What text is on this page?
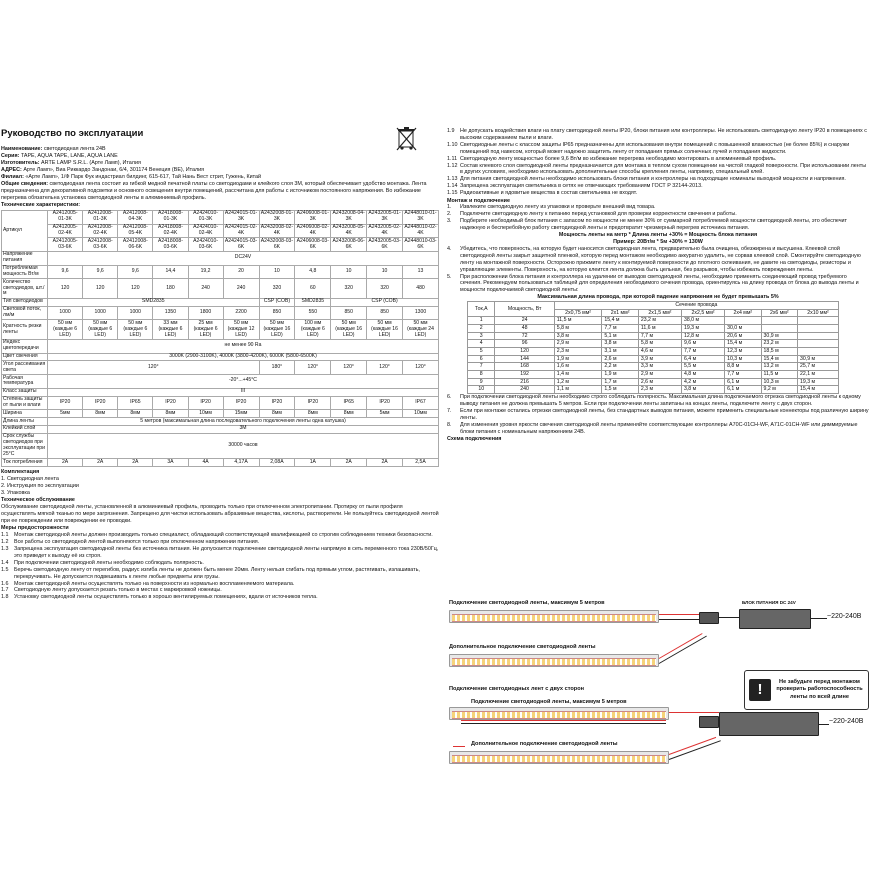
Руководство по эксплуатации
Наименование: светодиодная лента 24В
Серия: TAPE, AQUA TAPE, LANE, AQUA LANE
Изготовитель: ARTE LAMP S.R.L. (Арте Ламп), Италия
АДРЕС: Арте Ламп», Виа Риккардо Зандонаи, 6/4, 301174 Венеция (BE), Италия
Филиал: «Арте Ламп», 1/Ф Парк Фук индастриал билдинг, 615-617, Тай Нань Вест стрит, Гужень, Китай
Общие сведения: светодиодная лента состоит из гибкой медной печатной платы со светодиодами и клейкого слоя 3M, который обеспечивает удобство монтажа. Лента предназначена для декоративной подсветки и основного освещения внутри помещений, рассчитана для работы с источником постоянного напряжения. Во избежание перегрева обязательна установка светодиодной ленты в алюминиевый профиль.
Технические характеристики:
Артикул	A2412005-01-3K	A2412008-01-3K	A2412008-04-3K	A2418008-01-3K	A2424010-01-3K	A2424015-01-3K	A2432008-01-3K	A2406008-01-3K	A2432008-04-3K	A2432005-01-3K	A2448010-01-3K
	A2412005-02-4K	A2412008-02-4K	A2412008-05-4K	A2418008-02-4K	A2424010-02-4K	A2424015-02-4K	A2432008-02-4K	A2406008-02-4K	A2432008-05-4K	A2432005-02-4K	A2448010-02-4K
	A2412005-03-6K	A2412008-03-6K	A2412008-06-6K	A2418008-03-6K	A2424010-03-6K	A2424015-03-6K	A2432008-03-6K	A2406008-03-6K	A2432008-06-6K	A2432005-03-6K	A2448010-03-6K
Напряжение питания	DC24V										
Потребляемая мощность Вт/м	9,6	9,6	9,6	14,4	19,2	20	10	4,8	10	10	13
Количество светодиодов, шт./м	120	120	120	180	240	240	320	60	320	320	480
Тип светодиодов	SMD2835						CSP (COB)	SMD2835	CSP (COB)		
Световой поток, лм/м	1000	1000	1000	1350	1800	2200	850	550	850	850	1300
Кратность резки ленты	50 мм (каждые 6 LED)	50 мм (каждые 6 LED)	50 мм (каждые 6 LED)	33 мм (каждые 6 LED)	25 мм (каждые 6 LED)	50 мм (каждые 12 LED)	50 мм (каждые 16 LED)	100 мм (каждые 6 LED)	50 мм (каждые 16 LED)	50 мм (каждые 16 LED)	50 мм (каждые 24 LED)
Индекс цветопередачи	не менее 90 Ra										
Цвет свечения	3000K (2900-3100K), 4000K (3800-4200K), 6000K (5800-6500K)										
Угол рассеивания света	120°						180°	120°	120°	120°	120°
Рабочая температура	-20°...+45°C										
Класс защиты	III										
Степень защиты от пыли и влаги	IP20	IP20	IP65	IP20	IP20	IP20	IP20	IP20	IP65	IP20	IP67
Ширина	5мм	8мм	8мм	8мм	10мм	15мм	8мм	8мм	8мм	5мм	10мм
Длина ленты	5 метров (максимальная длина последовательного подключения ленты одна катушка)										
Клейкий слой	3М										
Срок службы светодиодов при эксплуатации при 25°С	30000 часов										
Ток потребления	2А	2А	2А	3А	4А	4,17А	2,08А	1А	2А	2А	2,5А
Комплектация
1. Светодиодная лента
2. Инструкция по эксплуатации
3. Упаковка
Техническое обслуживание
Обслуживание светодиодной ленты, установленной в алюминиевый профиль, проводить только при отключенном электропитании. Протирку от пыли профиля осуществлять мягкой тканью по мере загрязнения. Запрещено для чистки использовать абразивные вещества, кислоты, растворители. Не пользуйтесь светодиодной лентой при ее повреждении или повреждении ее проводки.
Меры предосторожности
1.1	Монтаж светодиодной ленты должен производить только специалист, обладающий соответствующей квалификацией со строгим соблюдением техники безопасности.
1.2	Все работы со светодиодной лентой выполняются только при отключенном напряжении питания.
1.3	Запрещена эксплуатация светодиодной ленты без источника питания. Не допускается подключение светодиодной ленты напрямую в сеть переменного тока 230В/50Гц, это приведет к выходу её из строя.
1.4	При подключении светодиодной ленты необходимо соблюдать полярность.
1.5	Беречь светодиодную ленту от перегибов, радиус изгиба ленты не должен быть менее 20мм. Ленту нельзя сгибать под прямым углом, растягивать, излашивать, перекручивать. Не допускается подвешивать к ленте любые предметы или грузы.
1.6	Монтаж светодиодной ленты осуществлять только на поверхности из нормально воспламеняемого материала.
1.7	Светодиодную ленту допускается резать только в местах с маркировкой ножницы.
1.8	Установку светодиодной ленты осуществлять только в хорошо вентилируемых помещениях, вдали от источников тепла.
1.9	Не допускать воздействия влаги на плату светодиодной ленты IP20, блоки питания или контроллеры. Не использовать светодиодную ленту IP20 в помещениях с высоким содержанием пыли и влаги.
1.10 Светодиодные ленты с классом защиты IP65 предназначены для использования внутри помещений с повышенной влажностью (не более 85%) и снаружи помещений под навесом, который может надежно защитить ленту от попадания прямых солнечных лучей и попадания жидкости.
1.11 Светодиодную ленту мощностью более 9,6 Вт/м во избежание перегрева необходимо монтировать в алюминиевый профиль.
1.12 Состав клеевого слоя светодиодной ленты предназначается для монтажа в теплом сухом помещении на чистой гладкой поверхности. При использовании ленты в других условиях, необходимо использовать дополнительные способы крепления ленты, например, специальный клей.
1.13 Для питания светодиодной ленты необходимо использовать блоки питания и контроллеры на подходящие номиналы выходной мощности и напряжения.
1.14 Запрещена эксплуатация светильника в сетях не отвечающих требованиям ГОСТ Р 32144-2013.
1.15 Радиоактивные и ядовитые вещества в состав светильника не входят.
Монтаж и подключение
1.	Извлеките светодиодную ленту из упаковки и проверьте внешний вид товара.
2.	Подключите светодиодную ленту к питанию перед установкой для проверки корректности свечения и работы.
3.	Подберите необходимый блок питания с запасом по мощности не менее 30% от суммарной потребляемой мощности светодиодной ленты, это обеспечит надежную и бесперебойную работу светодиодной ленты и предотвратит чрезмерный перегрев источника питания.
Мощность ленты на метр * Длина ленты +30% = Мощность блока питания
Пример: 20Вт/м * 5м +30% = 130W
4.	Убедитесь, что поверхность, на которую будет наносится светодиодная лента, предварительно была очищена, обезжирена и высушена. Клеевой слой светодиодной ленты закрыт защитной пленкой, которую перед монтажом необходимо аккуратно удалить, не сорвав клеевой слой. Смонтируйте светодиодную ленту на монтажной поверхности. Осторожно прижмите ленту к монтируемой поверхности до плотного склеивания, не давите на светодиоды, резисторы и управляющие элементы. Поверхность, на которую клеится лента должна быть цельная, без разрывов, чтобы избежать повреждения ленты.
5.	При расположении блока питания и контроллера на удалении от выводов светодиодной ленты, необходимо применять соединяющий провод требуемого сечения. Рекомендуем пользоваться таблицей для определения необходимого сечения провода, ориентируясь на длину провода от блока до вывода ленты и мощности подключаемой светодиодной ленты:
Максимальная длина провода, при которой падение напряжения не будет превышать 5%
Ток,А	Мощность, Вт	Сечение провода						
		2х0,75 мм²	2х1 мм²	2х1,5 мм²	2х2,5 мм²	2х4 мм²	2х6 мм²	2х10 мм²
1	24	11,5 м	15,4 м	23,2 м	38,0 м			
2	48	5,8 м	7,7 м	11,6 м	19,3 м	30,0 м		
3	72	3,8 м	5,1 м	7,7 м	12,8 м	20,6 м	30,9 м	
4	96	2,9 м	3,8 м	5,8 м	9,6 м	15,4 м	23,2 м	
5	120	2,3 м	3,1 м	4,6 м	7,7 м	12,3 м	18,5 м	
6	144	1,9 м	2,6 м	3,9 м	6,4 м	10,3 м	15,4 м	30,9 м
7	168	1,6 м	2,2 м	3,3 м	5,5 м	8,8 м	13,2 м	25,7 м
8	192	1,4 м	1,9 м	2,9 м	4,8 м	7,7 м	11,5 м	22,1 м
9	216	1,2 м	1,7 м	2,6 м	4,2 м	6,1 м	10,3 м	19,3 м
10	240	1,1 м	1,5 м	2,3 м	3,8 м	6,1 м	9,2 м	15,4 м
6.	При подключении светодиодной ленты необходимо строго соблюдать полярность. Максимальная длина подключаемого отрезка светодиодной ленты к одному выводу питания не должна превышать 5 метров. Если при подключении ленты запитаны на концах ленты, подключите ленту с двух сторон.
7.	Если при монтаже остались отрезки светодиодной ленты, без стандартных выводов питания, можете применить специальные коннекторы под различную ширину ленты.
8.	Для изменения уровня яркости свечения светодиодной ленты применяйте соответствующие контроллеры A70C-01CH-WF, A71C-01CH-WF или диммируемые блоки питания с номинальным напряжением 24В.
Схема подключения
Подключение светодиодной ленты, максимум 5 метров	БЛОК ПИТАНИЯ DC 24V
~220-240В
Дополнительное подключение светодиодной ленты
!	Не забудьте перед монтажом проверить работоспособность ленты по всей длине
Подключение светодиодных лент с двух сторон
Подключение светодиодной ленты, максимум 5 метров
~220-240В
Дополнительное подключение светодиодной ленты
